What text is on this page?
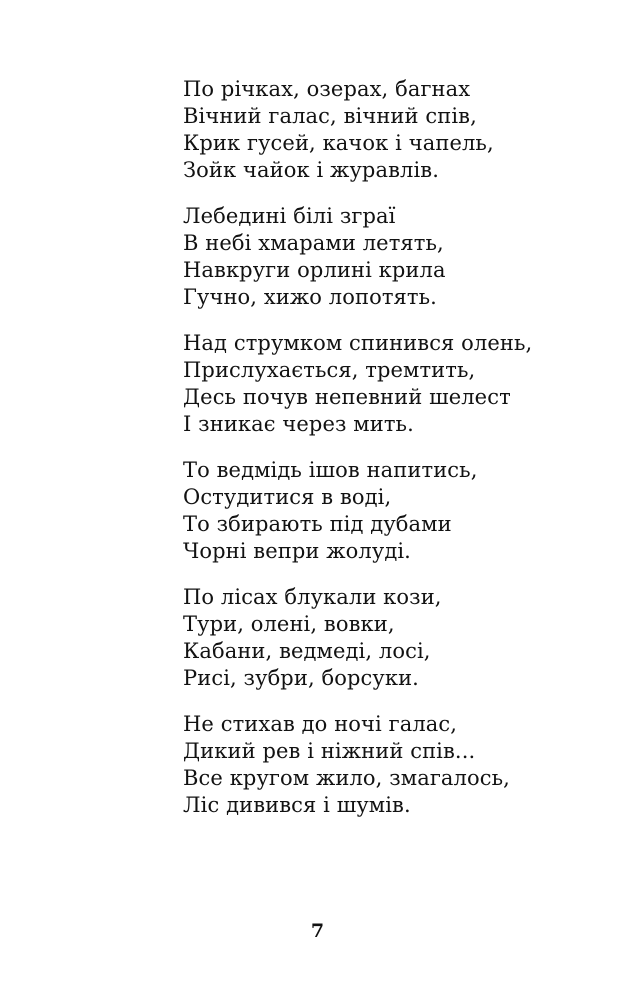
По річках, озерах, багнах

Вічний галас, вічний спів,

Крик гусей, качок і чапель,

Зойк чайок і журавлів.

Лебедині білі зграї

В небі хмарами летять,

Навкруги орлині крила

Гучно, хижо лопотять.

Над струмком спинився олень,

Прислухається, тремтить,

Десь почув непевний шелест

І зникає через мить.

То ведмідь ішов напитись,

Остудитися в воді,

То збирають під дубами

Чорні вепри жолуді.

По лісах блукали кози,

Тури, олені, вовки,

Кабани, ведмеді, лосі,

Рисі, зубри, борсуки.

Не стихав до ночі галас,

Дикий рев і ніжний спів...

Все кругом жило, змагалось,

Ліс дивився і шумів.

7
